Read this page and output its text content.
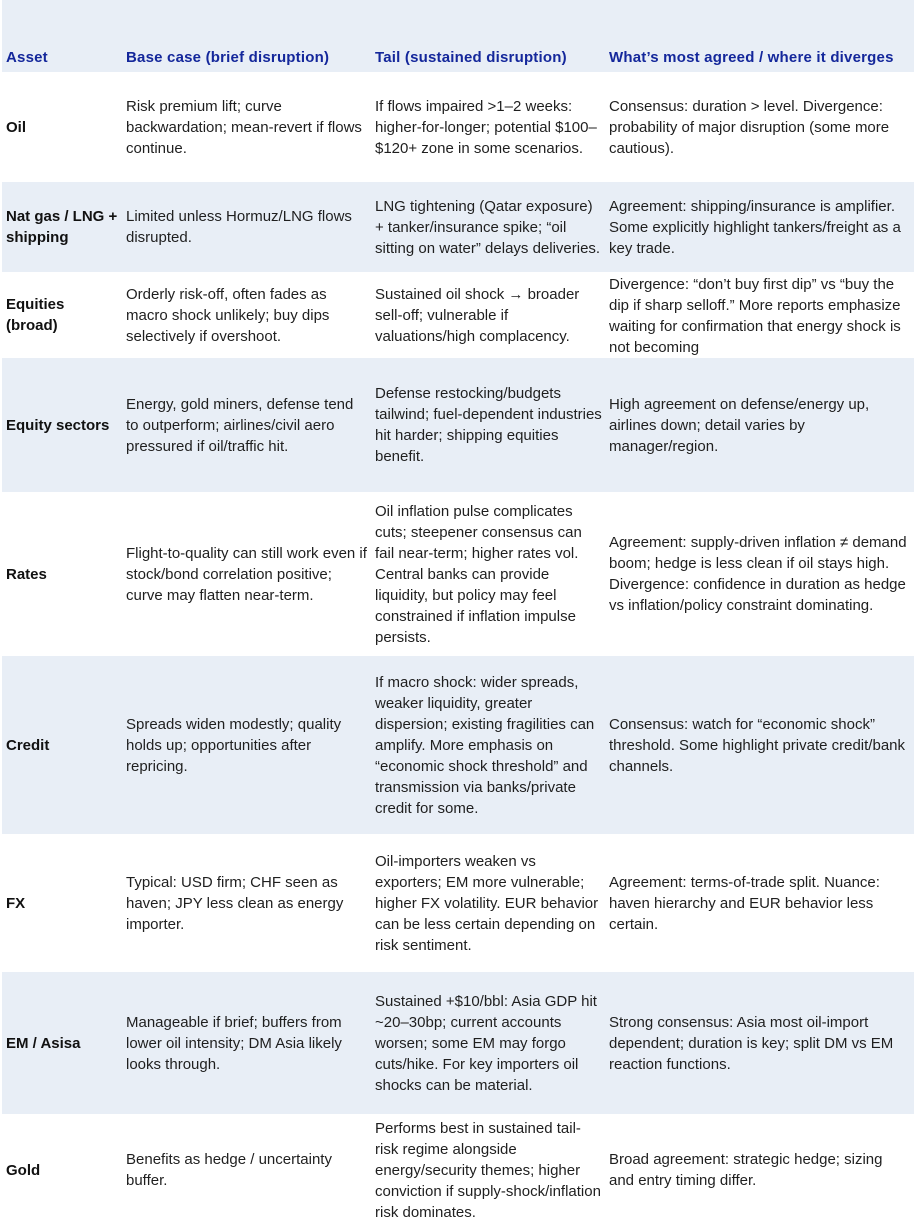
Asset	Base case (brief disruption)	Tail (sustained disruption)	What’s most agreed / where it diverges
Oil	Risk premium lift; curve backwardation; mean-revert if flows continue.	If flows impaired >1–2 weeks: higher-for-longer; potential $100–$120+ zone in some scenarios.	Consensus: duration > level. Divergence: probability of major disruption (some more cautious).
Nat gas / LNG + shipping	Limited unless Hormuz/LNG flows disrupted.	LNG tightening (Qatar exposure) + tanker/insurance spike; “oil sitting on water” delays deliveries.	Agreement: shipping/insurance is amplifier. Some explicitly highlight tankers/freight as a key trade.
Equities (broad)	Orderly risk-off, often fades as macro shock unlikely; buy dips selectively if overshoot.	Sustained oil shock → broader sell-off; vulnerable if valuations/high complacency.	Divergence: “don’t buy first dip” vs “buy the dip if sharp selloff.” More reports emphasize waiting for confirmation that energy shock is not becoming
Equity sectors	Energy, gold miners, defense tend to outperform; airlines/civil aero pressured if oil/traffic hit.	Defense restocking/budgets tailwind; fuel-dependent industries hit harder; shipping equities benefit.	High agreement on defense/energy up, airlines down; detail varies by manager/region.
Rates	Flight-to-quality can still work even if stock/bond correlation positive; curve may flatten near-term.	Oil inflation pulse complicates cuts; steepener consensus can fail near-term; higher rates vol. Central banks can provide liquidity, but policy may feel constrained if inflation impulse persists.	Agreement: supply-driven inflation ≠ demand boom; hedge is less clean if oil stays high. Divergence: confidence in duration as hedge vs inflation/policy constraint dominating.
Credit	Spreads widen modestly; quality holds up; opportunities after repricing.	If macro shock: wider spreads, weaker liquidity, greater dispersion; existing fragilities can amplify. More emphasis on “economic shock threshold” and transmission via banks/private credit for some.	Consensus: watch for “economic shock” threshold. Some highlight private credit/bank channels.
FX	Typical: USD firm; CHF seen as haven; JPY less clean as energy importer.	Oil-importers weaken vs exporters; EM more vulnerable; higher FX volatility. EUR behavior can be less certain depending on risk sentiment.	Agreement: terms-of-trade split. Nuance: haven hierarchy and EUR behavior less certain.
EM / Asisa	Manageable if brief; buffers from lower oil intensity; DM Asia likely looks through.	Sustained +$10/bbl: Asia GDP hit ~20–30bp; current accounts worsen; some EM may forgo cuts/hike. For key importers oil shocks can be material.	Strong consensus: Asia most oil-import dependent; duration is key; split DM vs EM reaction functions.
Gold	Benefits as hedge / uncertainty buffer.	Performs best in sustained tail-risk regime alongside energy/security themes; higher conviction if supply-shock/inflation risk dominates.	Broad agreement: strategic hedge; sizing and entry timing differ.
